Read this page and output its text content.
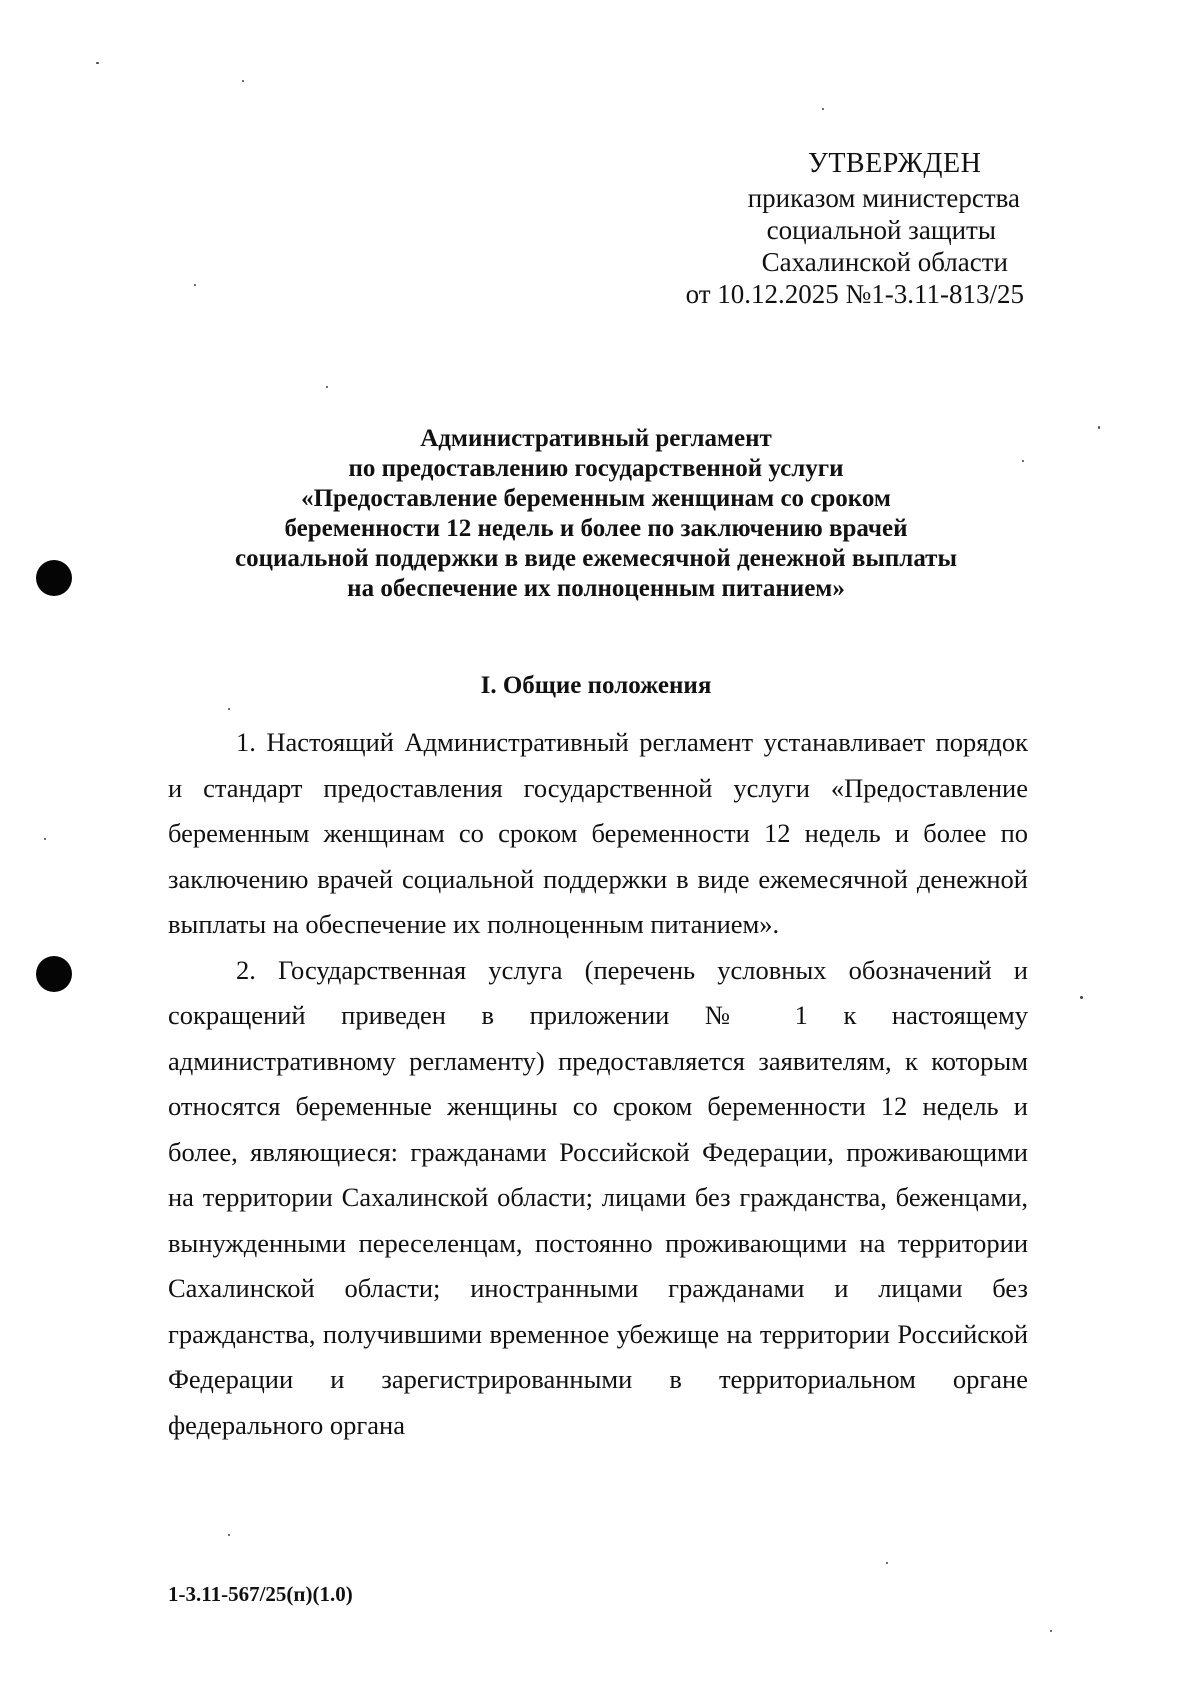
УТВЕРЖДЕН
приказом министерства
социальной защиты
Сахалинской области
от 10.12.2025 №1-3.11-813/25
Административный регламент
по предоставлению государственной услуги
«Предоставление беременным женщинам со сроком
беременности 12 недель и более по заключению врачей
социальной поддержки в виде ежемесячной денежной выплаты
на обеспечение их полноценным питанием»
I. Общие положения

1. Настоящий Административный регламент устанавливает порядок и стандарт предоставления государственной услуги «Предоставление беременным женщинам со сроком беременности 12 недель и более по заключению врачей социальной поддержки в виде ежемесячной денежной выплаты на обеспечение их полноценным питанием».

2. Государственная услуга (перечень условных обозначений и сокращений приведен в приложении № 1 к настоящему административному регламенту) предоставляется заявителям, к которым относятся беременные женщины со сроком беременности 12 недель и более, являющиеся: гражданами Российской Федерации, проживающими на территории Сахалинской области; лицами без гражданства, беженцами, вынужденными переселенцам, постоянно проживающими на территории Сахалинской области; иностранными гражданами и лицами без гражданства, получившими временное убежище на территории Российской Федерации и зарегистрированными в территориальном органе федерального органа

1-3.11-567/25(п)(1.0)
